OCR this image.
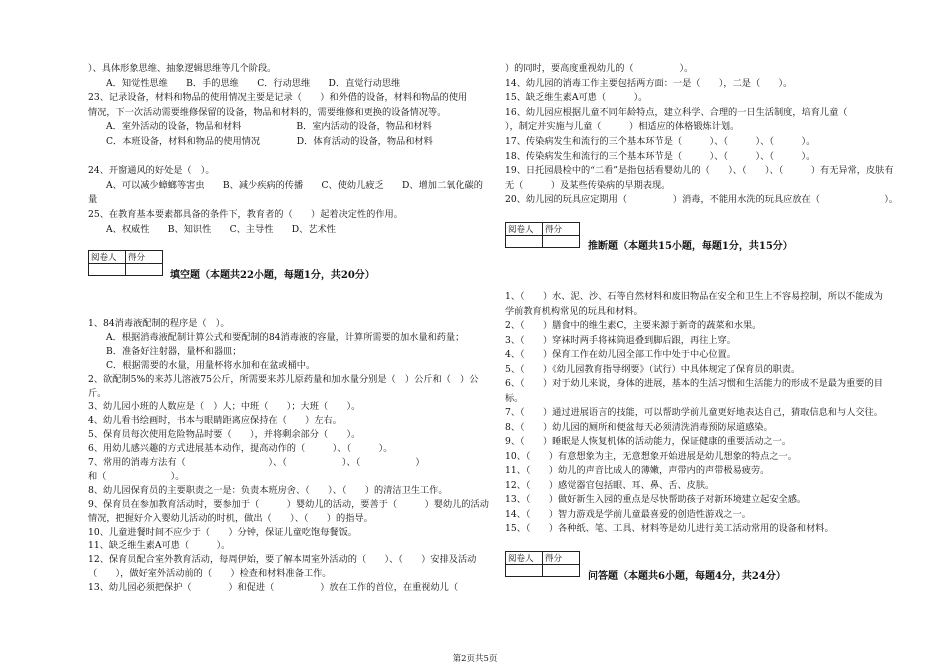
）、具体形象思维、抽象逻辑思维等几个阶段。
A．知觉性思维　　B．手的思维　　C．行动思维　　D．直觉行动思维
23、记录设备，材料和物品的使用情况主要是记录（　　）和外借的设备，材料和物品的使用
情况，下一次活动需要维修保留的设备，物品和材料的，需要维修和更换的设备情况等。
A．室外活动的设备，物品和材料　　　　　　B．室内活动的设备，物品和材料
C．本班设备，材料和物品的使用情况　　　　D．体育活动的设备，物品和材料
24、开窗通风的好处是（　）。
A、可以减少蟑螂等害虫　　B、减少疾病的传播　　C、使幼儿疲乏　　D、增加二氧化碳的
量
25、在教育基本要素都具备的条件下，教育者的（　　）起着决定性的作用。
A、权威性　　B、知识性　　C、主导性　　D、艺术性
1、84消毒液配制的程序是（　）。
A．根据消毒液配制计算公式和要配制的84消毒液的容量，计算所需要的加水量和药量；
B．准备好注射器，量杯和器皿；
C．根据需要的水量，用量杯将水加和在盆或桶中。
2、欲配制5%的来苏儿溶液75公斤，所需要来苏儿原药量和加水量分别是（　）公斤和（　）公
斤。
3、幼儿园小班的人数应是（　）人；中班（　　）；大班（　　）。
4、幼儿看书绘画时，书本与眼睛距离应保持在（　　）左右。
5、保育员每次使用危险物品时要（　　），并将剩余部分（　　）。
6、用幼儿感兴趣的方式进展基本动作，提高动作的（　　　）、（　　　）。
7、常用的消毒方法有（　　　　　　　　　）、（　　　　　　）、（　　　　　　）
和（　　　　　　　）。
8、幼儿园保育员的主要职责之一是：负责本班房舍、（　　）、（　　）的清洁卫生工作。
9、保育员在参加教育活动时，要参加于（　　　）婴幼儿的活动，要善于（　　　）婴幼儿的活动
情况，把握好介入婴幼儿活动的时机，做出（　　）、（　　）的指导。
10、儿童进餐时间不应少于（　　）分钟，保证儿童吃饱每餐饭。
11、缺乏维生素A可患（　　　）。
12、保育员配合室外教育活动，每周伊始，要了解本周室外活动的（　　）、（　　）安排及活动
（　　），做好室外活动前的（　　）检查和材料准备工作。
13、幼儿园必须把保护（　　　　）和促进（　　　　　）放在工作的首位，在重视幼儿（
）的同时，要高度重视幼儿的（　　　　　）。
14、幼儿园的消毒工作主要包括两方面：一是（　　），二是（　　）。
15、缺乏维生素A可患（　　　）。
16、幼儿园应根据儿童不同年龄特点，建立科学、合理的一日生活制度，培育儿童（
），制定并实施与儿童（　　　）相适应的体格锻炼计划。
17、传染病发生和流行的三个基本环节是（　　　）、（　　　）、（　　　）。
18、传染病发生和流行的三个基本环节是（　　　）、（　　　）、（　　　）。
19、日托园晨检中的“二看”是指包括看婴幼儿的（　　）、（　　）、（　　　）有无异常，皮肤有
无（　　　）及某些传染病的早期表现。
20、幼儿园的玩具应定期用（　　　　　）消毒，不能用水洗的玩具应放在（　　　　　　　）。
1、（　　）水、泥、沙、石等自然材料和废旧物品在安全和卫生上不容易控制，所以不能成为
学前教育机构常见的玩具和材料。
2、（　　）膳食中的维生素C，主要来源于新奇的蔬菜和水果。
3、（　　）穿袜时两手将袜筒退叠到脚后跟，再往上穿。
4、（　　）保育工作在幼儿园全部工作中处于中心位置。
5、（　　）《幼儿园教育指导纲要》（试行）中具体规定了保育员的职责。
6、（　　）对于幼儿来说，身体的进展，基本的生活习惯和生活能力的形成不是最为重要的目
标。
7、（　　）通过进展语言的技能，可以帮助学前儿童更好地表达自己，猜取信息和与人交往。
8、（　　）幼儿园的厕所和便盆每天必须清洗消毒预防尿道感染。
9、（　　）睡眠是人恢复机体的活动能力，保证健康的重要活动之一。
10、（　　）有意想象为主，无意想象开始进展是幼儿想象的特点之一。
11、（　　）幼儿的声音比成人的薄嫩，声带内的声带极易疲劳。
12、（　　）感觉器官包括眼、耳、鼻、舌、皮肤。
13、（　　）做好新生入园的重点是尽快帮助孩子对新环境建立起安全感。
14、（　　）智力游戏是学前儿童最喜爱的创造性游戏之一。
15、（　　）各种纸、笔、工具、材料等是幼儿进行美工活动常用的设备和材料。
阅卷人	得分

填空题（本题共22小题，每题1分，共20分）
阅卷人	得分

推断题（本题共15小题，每题1分，共15分）
阅卷人	得分

问答题（本题共6小题，每题4分，共24分）
第2页共5页
